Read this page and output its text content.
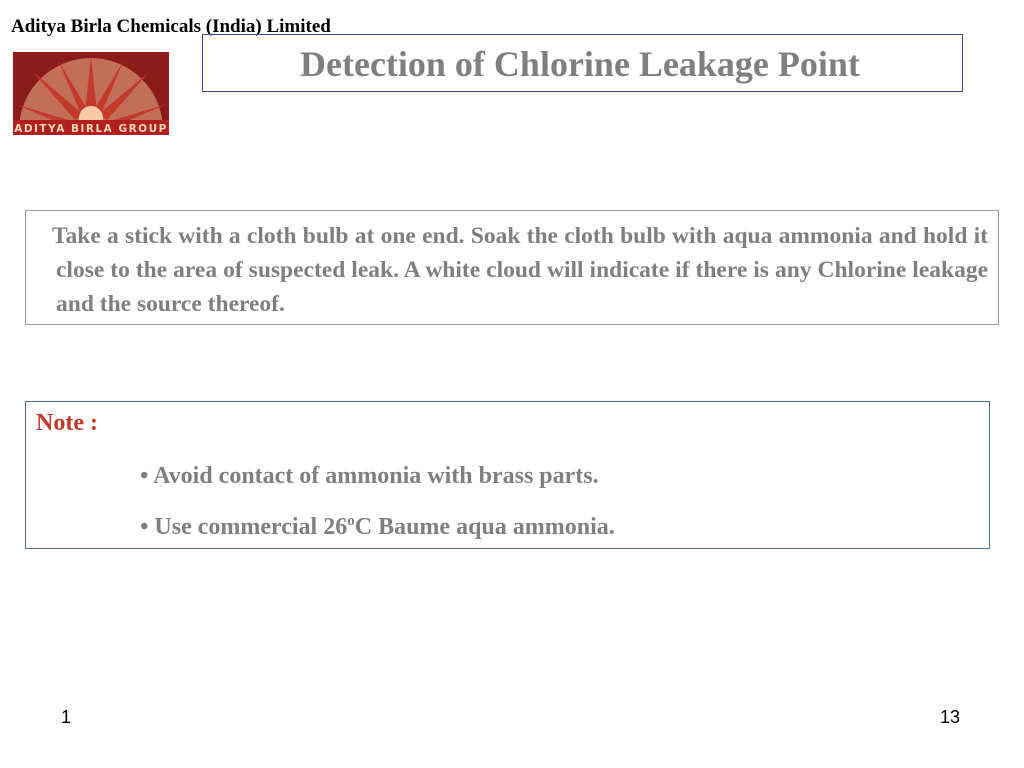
Aditya Birla Chemicals (India) Limited
ADITYA BIRLA GROUP
Detection of Chlorine Leakage Point
Take a stick with a cloth bulb at one end. Soak the cloth bulb with aqua ammonia and hold it close to the area of suspected leak. A white cloud will indicate if there is any Chlorine leakage and the source thereof.
Note :
• Avoid contact of ammonia with brass parts.
• Use commercial 26$^o$C Baume aqua ammonia.
1	13
